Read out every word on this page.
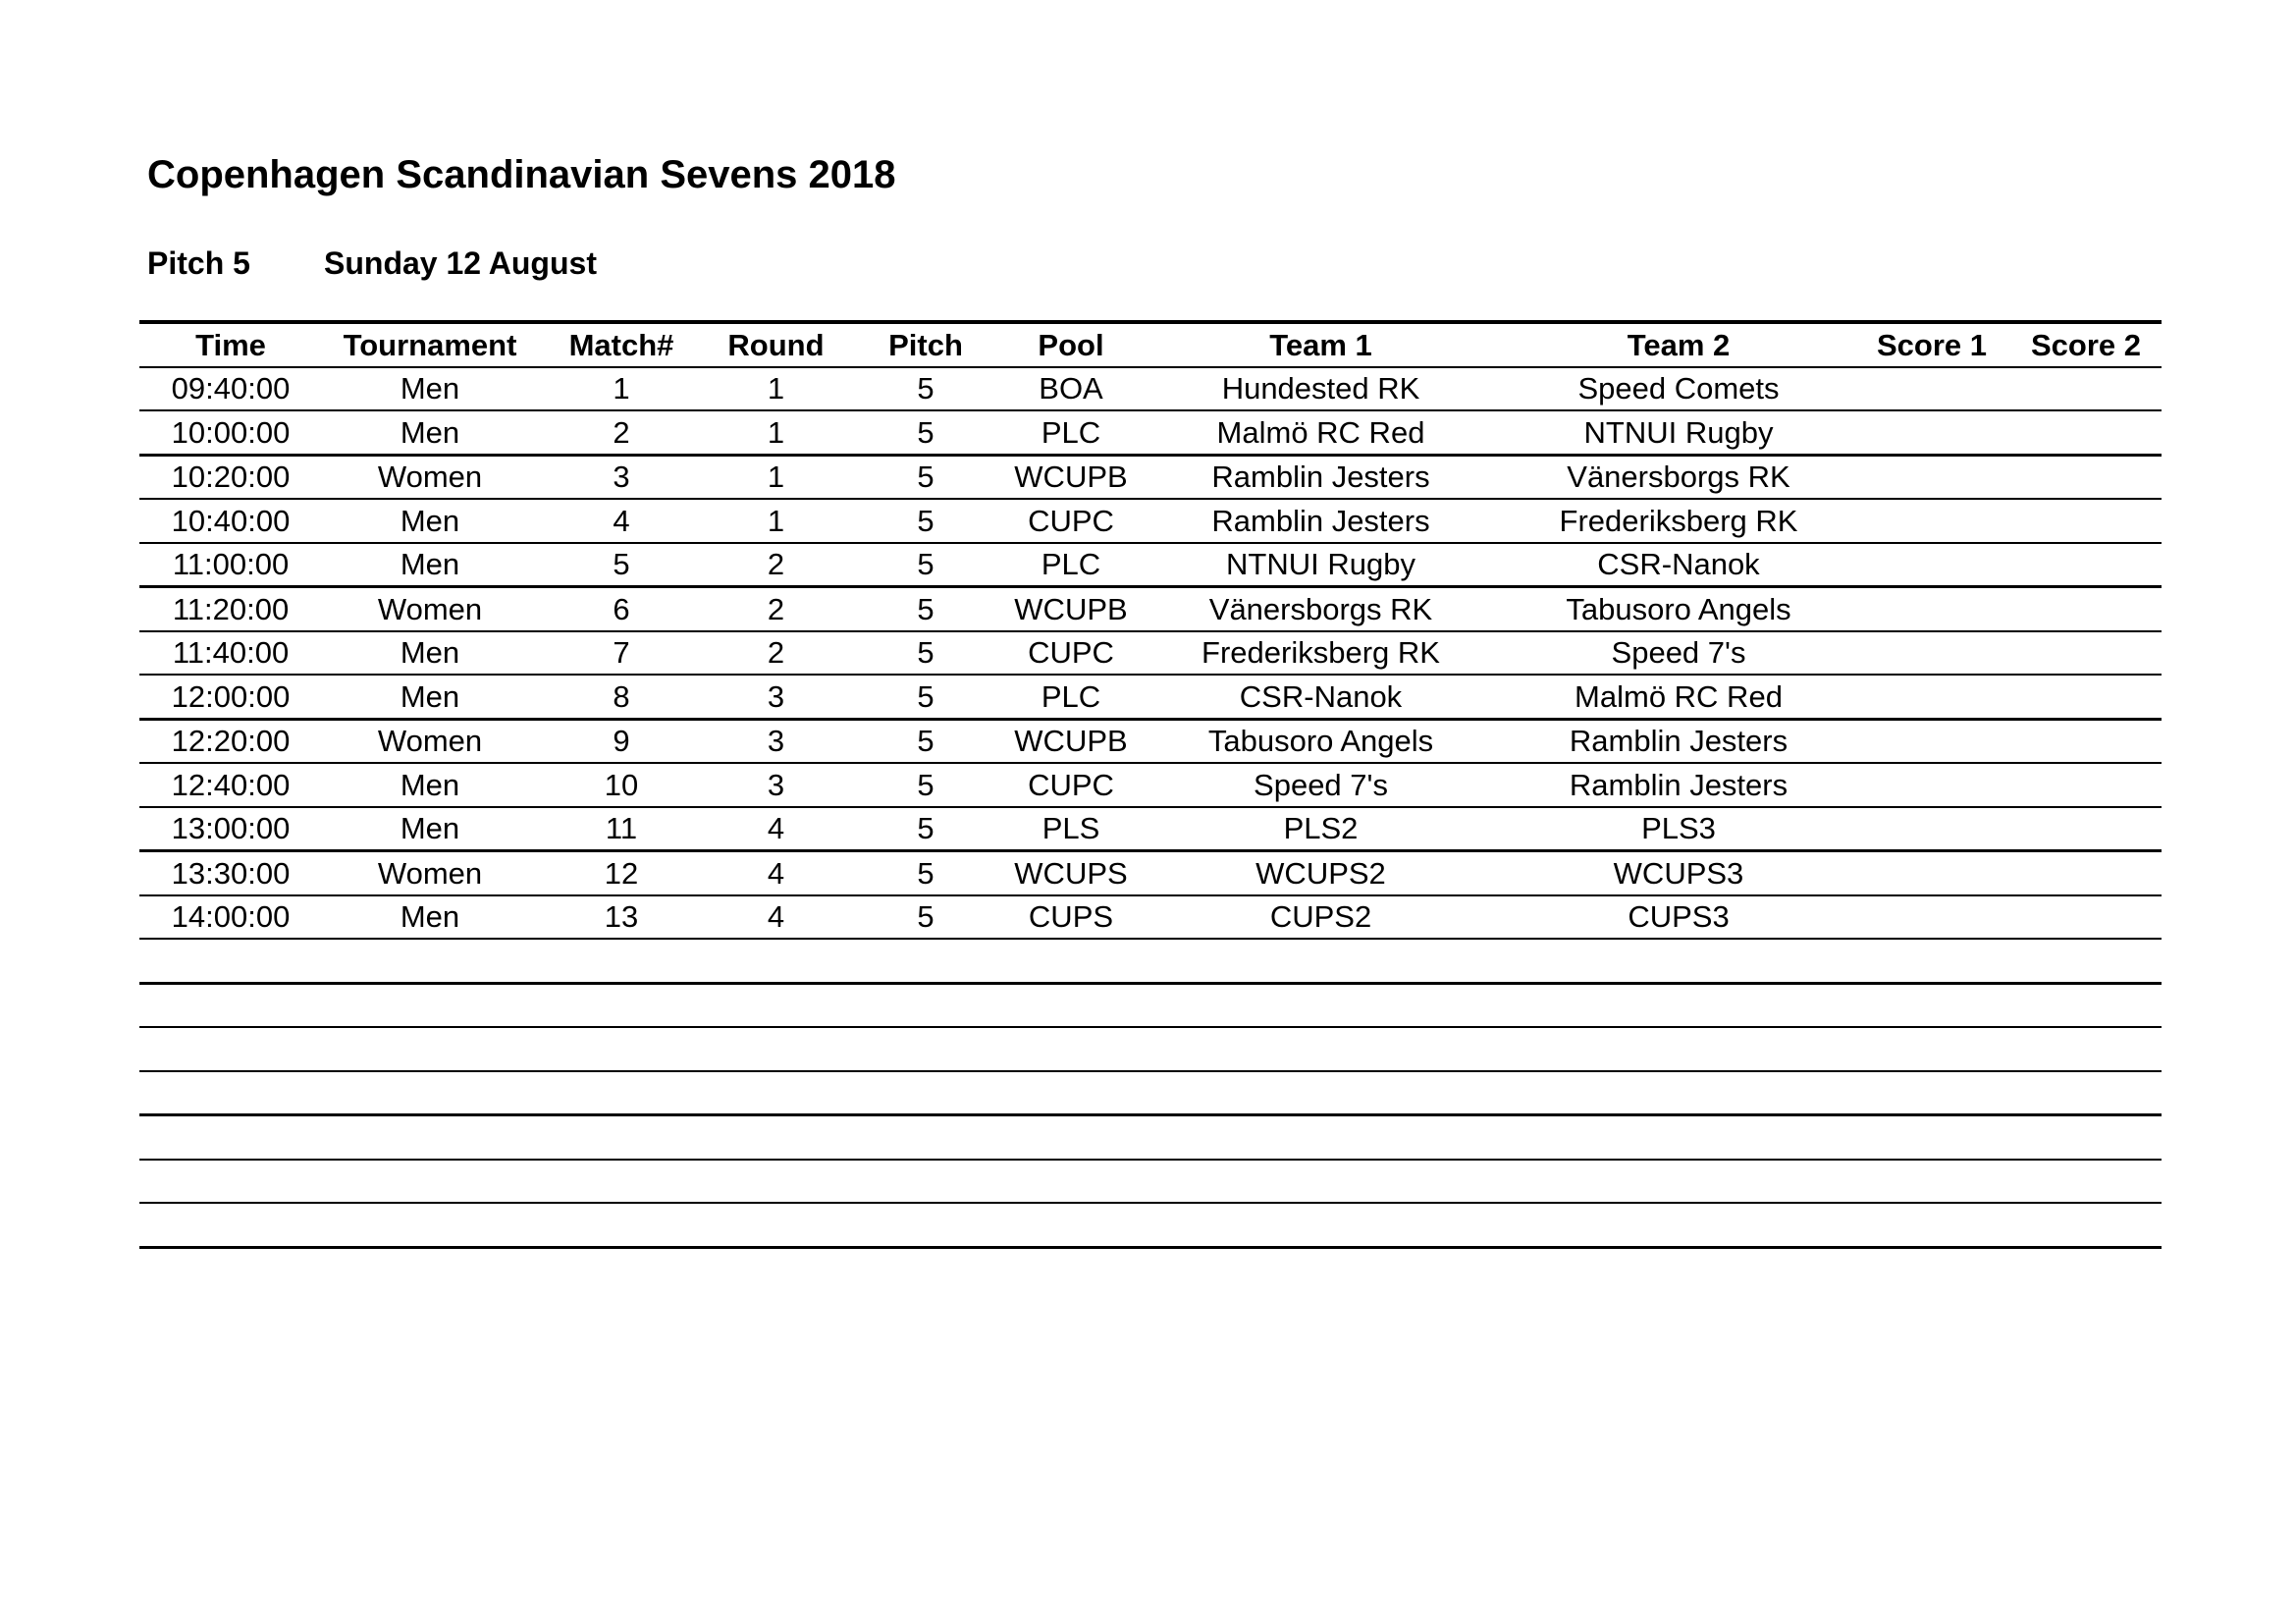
Copenhagen Scandinavian Sevens 2018
Pitch 5 Sunday 12 August
Time	Tournament	Match#	Round	Pitch	Pool	Team 1	Team 2	Score 1	Score 2
09:40:00	Men	1	1	5	BOA	Hundested RK	Speed Comets		
10:00:00	Men	2	1	5	PLC	Malmö RC Red	NTNUI Rugby		
10:20:00	Women	3	1	5	WCUPB	Ramblin Jesters	Vänersborgs RK		
10:40:00	Men	4	1	5	CUPC	Ramblin Jesters	Frederiksberg RK		
11:00:00	Men	5	2	5	PLC	NTNUI Rugby	CSR-Nanok		
11:20:00	Women	6	2	5	WCUPB	Vänersborgs RK	Tabusoro Angels		
11:40:00	Men	7	2	5	CUPC	Frederiksberg RK	Speed 7's		
12:00:00	Men	8	3	5	PLC	CSR-Nanok	Malmö RC Red		
12:20:00	Women	9	3	5	WCUPB	Tabusoro Angels	Ramblin Jesters		
12:40:00	Men	10	3	5	CUPC	Speed 7's	Ramblin Jesters		
13:00:00	Men	11	4	5	PLS	PLS2	PLS3		
13:30:00	Women	12	4	5	WCUPS	WCUPS2	WCUPS3		
14:00:00	Men	13	4	5	CUPS	CUPS2	CUPS3		
